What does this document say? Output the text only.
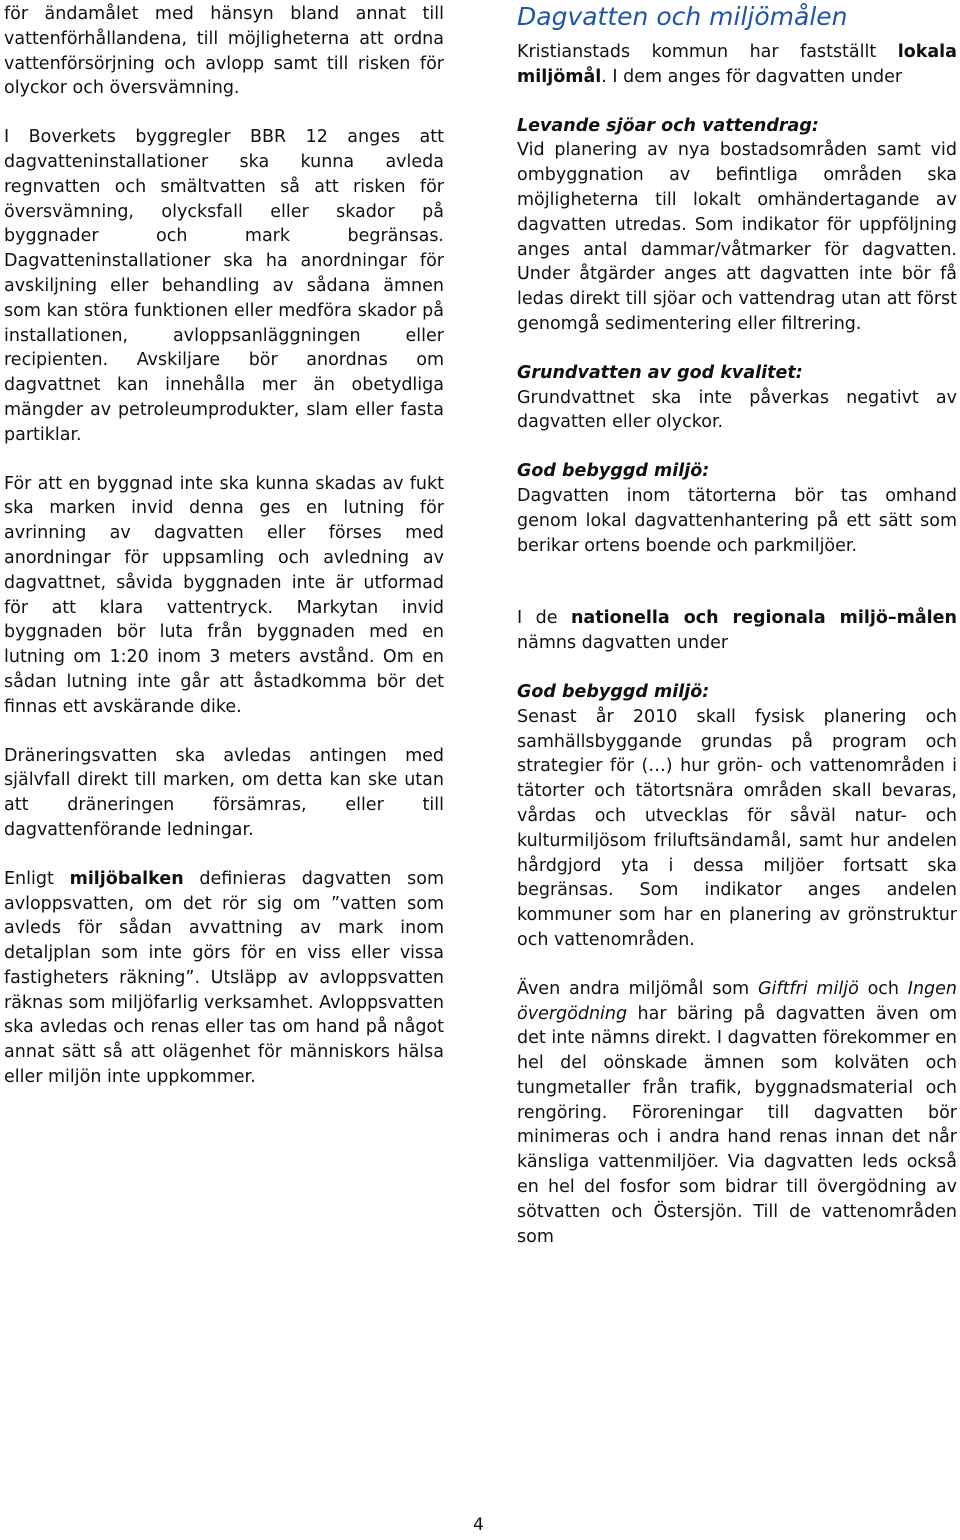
för ändamålet med hänsyn bland annat till vattenförhållandena, till möjligheterna att ordna vattenförsörjning och avlopp samt till risken för olyckor och översvämning.

I Boverkets byggregler BBR 12 anges att dagvatteninstallationer ska kunna avleda regnvatten och smältvatten så att risken för översvämning, olycksfall eller skador på byggnader och mark begränsas. Dagvatteninstallationer ska ha anordningar för avskiljning eller behandling av sådana ämnen som kan störa funktionen eller medföra skador på installationen, avloppsanläggningen eller recipienten. Avskiljare bör anordnas om dagvattnet kan innehålla mer än obetydliga mängder av petroleumprodukter, slam eller fasta partiklar.

För att en byggnad inte ska kunna skadas av fukt ska marken invid denna ges en lutning för avrinning av dagvatten eller förses med anordningar för uppsamling och avledning av dagvattnet, såvida byggnaden inte är utformad för att klara vattentryck. Markytan invid byggnaden bör luta från byggnaden med en lutning om 1:20 inom 3 meters avstånd. Om en sådan lutning inte går att åstadkomma bör det finnas ett avskärande dike.

Dräneringsvatten ska avledas antingen med självfall direkt till marken, om detta kan ske utan att dräneringen försämras, eller till dagvattenförande ledningar.

Enligt miljöbalken definieras dagvatten som avloppsvatten, om det rör sig om ”vatten som avleds för sådan avvattning av mark inom detaljplan som inte görs för en viss eller vissa fastigheters räkning”. Utsläpp av avloppsvatten räknas som miljöfarlig verksamhet. Avloppsvatten ska avledas och renas eller tas om hand på något annat sätt så att olägenhet för människors hälsa eller miljön inte uppkommer.

Dagvatten och miljömålen

Kristianstads kommun har fastställt lokala miljömål. I dem anges för dagvatten under

Levande sjöar och vattendrag:

Vid planering av nya bostadsområden samt vid ombyggnation av befintliga områden ska möjligheterna till lokalt omhändertagande av dagvatten utredas. Som indikator för uppföljning anges antal dammar/våtmarker för dagvatten. Under åtgärder anges att dagvatten inte bör få ledas direkt till sjöar och vattendrag utan att först genomgå sedimentering eller filtrering.

Grundvatten av god kvalitet:

Grundvattnet ska inte påverkas negativt av dagvatten eller olyckor.

God bebyggd miljö:

Dagvatten inom tätorterna bör tas omhand genom lokal dagvattenhantering på ett sätt som berikar ortens boende och parkmiljöer.

I de nationella och regionala miljö–målen nämns dagvatten under

God bebyggd miljö:

Senast år 2010 skall fysisk planering och samhällsbyggande grundas på program och strategier för (…) hur grön- och vattenområden i tätorter och tätortsnära områden skall bevaras, vårdas och utvecklas för såväl natur- och kulturmiljösom friluftsändamål, samt hur andelen hårdgjord yta i dessa miljöer fortsatt ska begränsas. Som indikator anges andelen kommuner som har en planering av grönstruktur och vattenområden.

Även andra miljömål som Giftfri miljö och Ingen övergödning har bäring på dagvatten även om det inte nämns direkt. I dagvatten förekommer en hel del oönskade ämnen som kolväten och tungmetaller från trafik, byggnadsmaterial och rengöring. Föroreningar till dagvatten bör minimeras och i andra hand renas innan det når känsliga vattenmiljöer. Via dagvatten leds också en hel del fosfor som bidrar till övergödning av sötvatten och Östersjön. Till de vattenområden som

4
